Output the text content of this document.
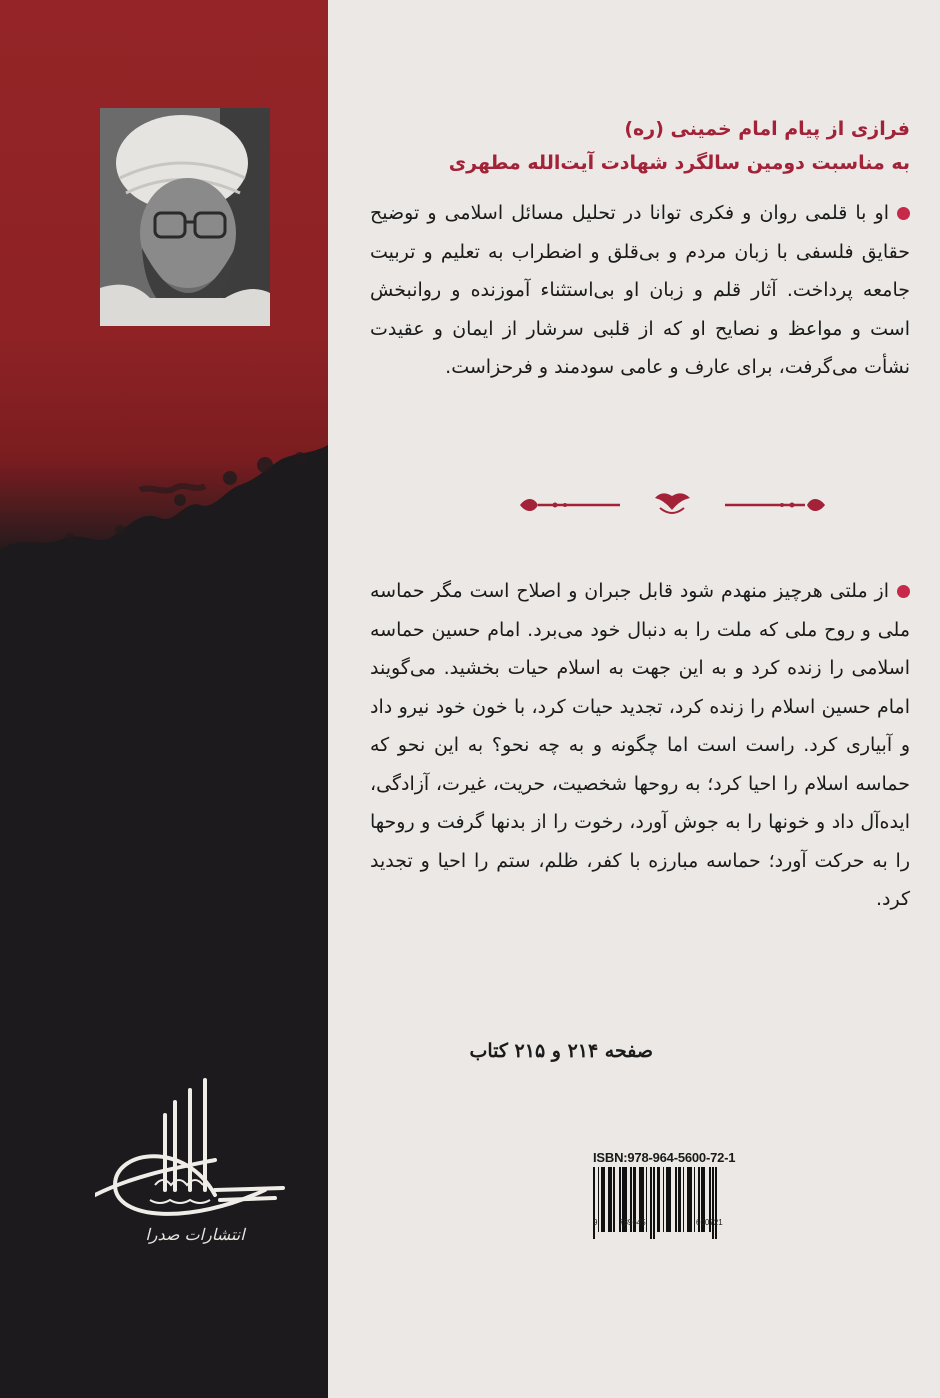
انتشارات صدرا
فرازی از پیام امام خمینی (ره)
به مناسبت دومین سالگرد شهادت آیت‌الله مطهری

او با قلمی روان و فکری توانا در تحلیل مسائل اسلامی و توضیح حقایق فلسفی با زبان مردم و بی‌قلق و اضطراب به تعلیم و تربیت جامعه پرداخت. آثار قلم و زبان او بی‌استثناء آموزنده و روانبخش است و مواعظ و نصایح او که از قلبی سرشار از ایمان و عقیدت نشأت می‌گرفت، برای عارف و عامی سودمند و فرحزاست.

از ملتی هرچیز منهدم شود قابل جبران و اصلاح است مگر حماسه ملی و روح ملی که ملت را به دنبال خود می‌برد. امام حسین حماسه اسلامی را زنده کرد و به این جهت به اسلام حیات بخشید. می‌گویند امام حسین اسلام را زنده کرد، تجدید حیات کرد، با خون خود نیرو داد و آبیاری کرد. راست است اما چگونه و به چه نحو؟ به این نحو که حماسه اسلام را احیا کرد؛ به روحها شخصیت، حریت، غیرت، آزادگی، ایده‌آل داد و خونها را به جوش آورد، رخوت را از بدنها گرفت و روحها را به حرکت آورد؛ حماسه مبارزه با کفر، ظلم، ستم را احیا و تجدید کرد.

صفحه ۲۱۴ و ۲۱۵ کتاب
ISBN:978-964-5600-72-1
9	789645	600721
